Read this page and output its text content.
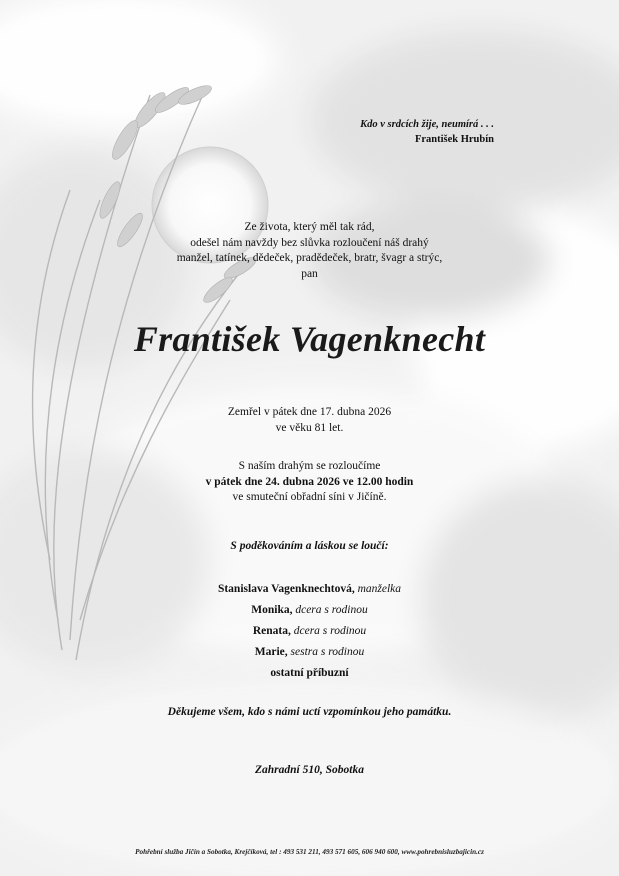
Kdo v srdcích žije, neumírá . . .
František Hrubín
Ze života, který měl tak rád,
odešel nám navždy bez slůvka rozloučení náš drahý
manžel, tatínek, dědeček, pradědeček, bratr, švagr a strýc,
pan
František Vagenknecht
Zemřel v pátek dne 17. dubna 2026
ve věku 81 let.
S naším drahým se rozloučíme
v pátek dne 24. dubna 2026 ve 12.00 hodin
ve smuteční obřadní síni v Jičíně.
S poděkováním a láskou se loučí:
Stanislava Vagenknechtová, manželka
Monika, dcera s rodinou
Renata, dcera s rodinou
Marie, sestra s rodinou
ostatní příbuzní
Děkujeme všem, kdo s námi uctí vzpomínkou jeho památku.
Zahradní 510, Sobotka
Pohřební služba Jičín a Sobotka, Krejčíková, tel : 493 531 211, 493 571 605, 606 940 600, www.pohrebnisluzbajicin.cz
